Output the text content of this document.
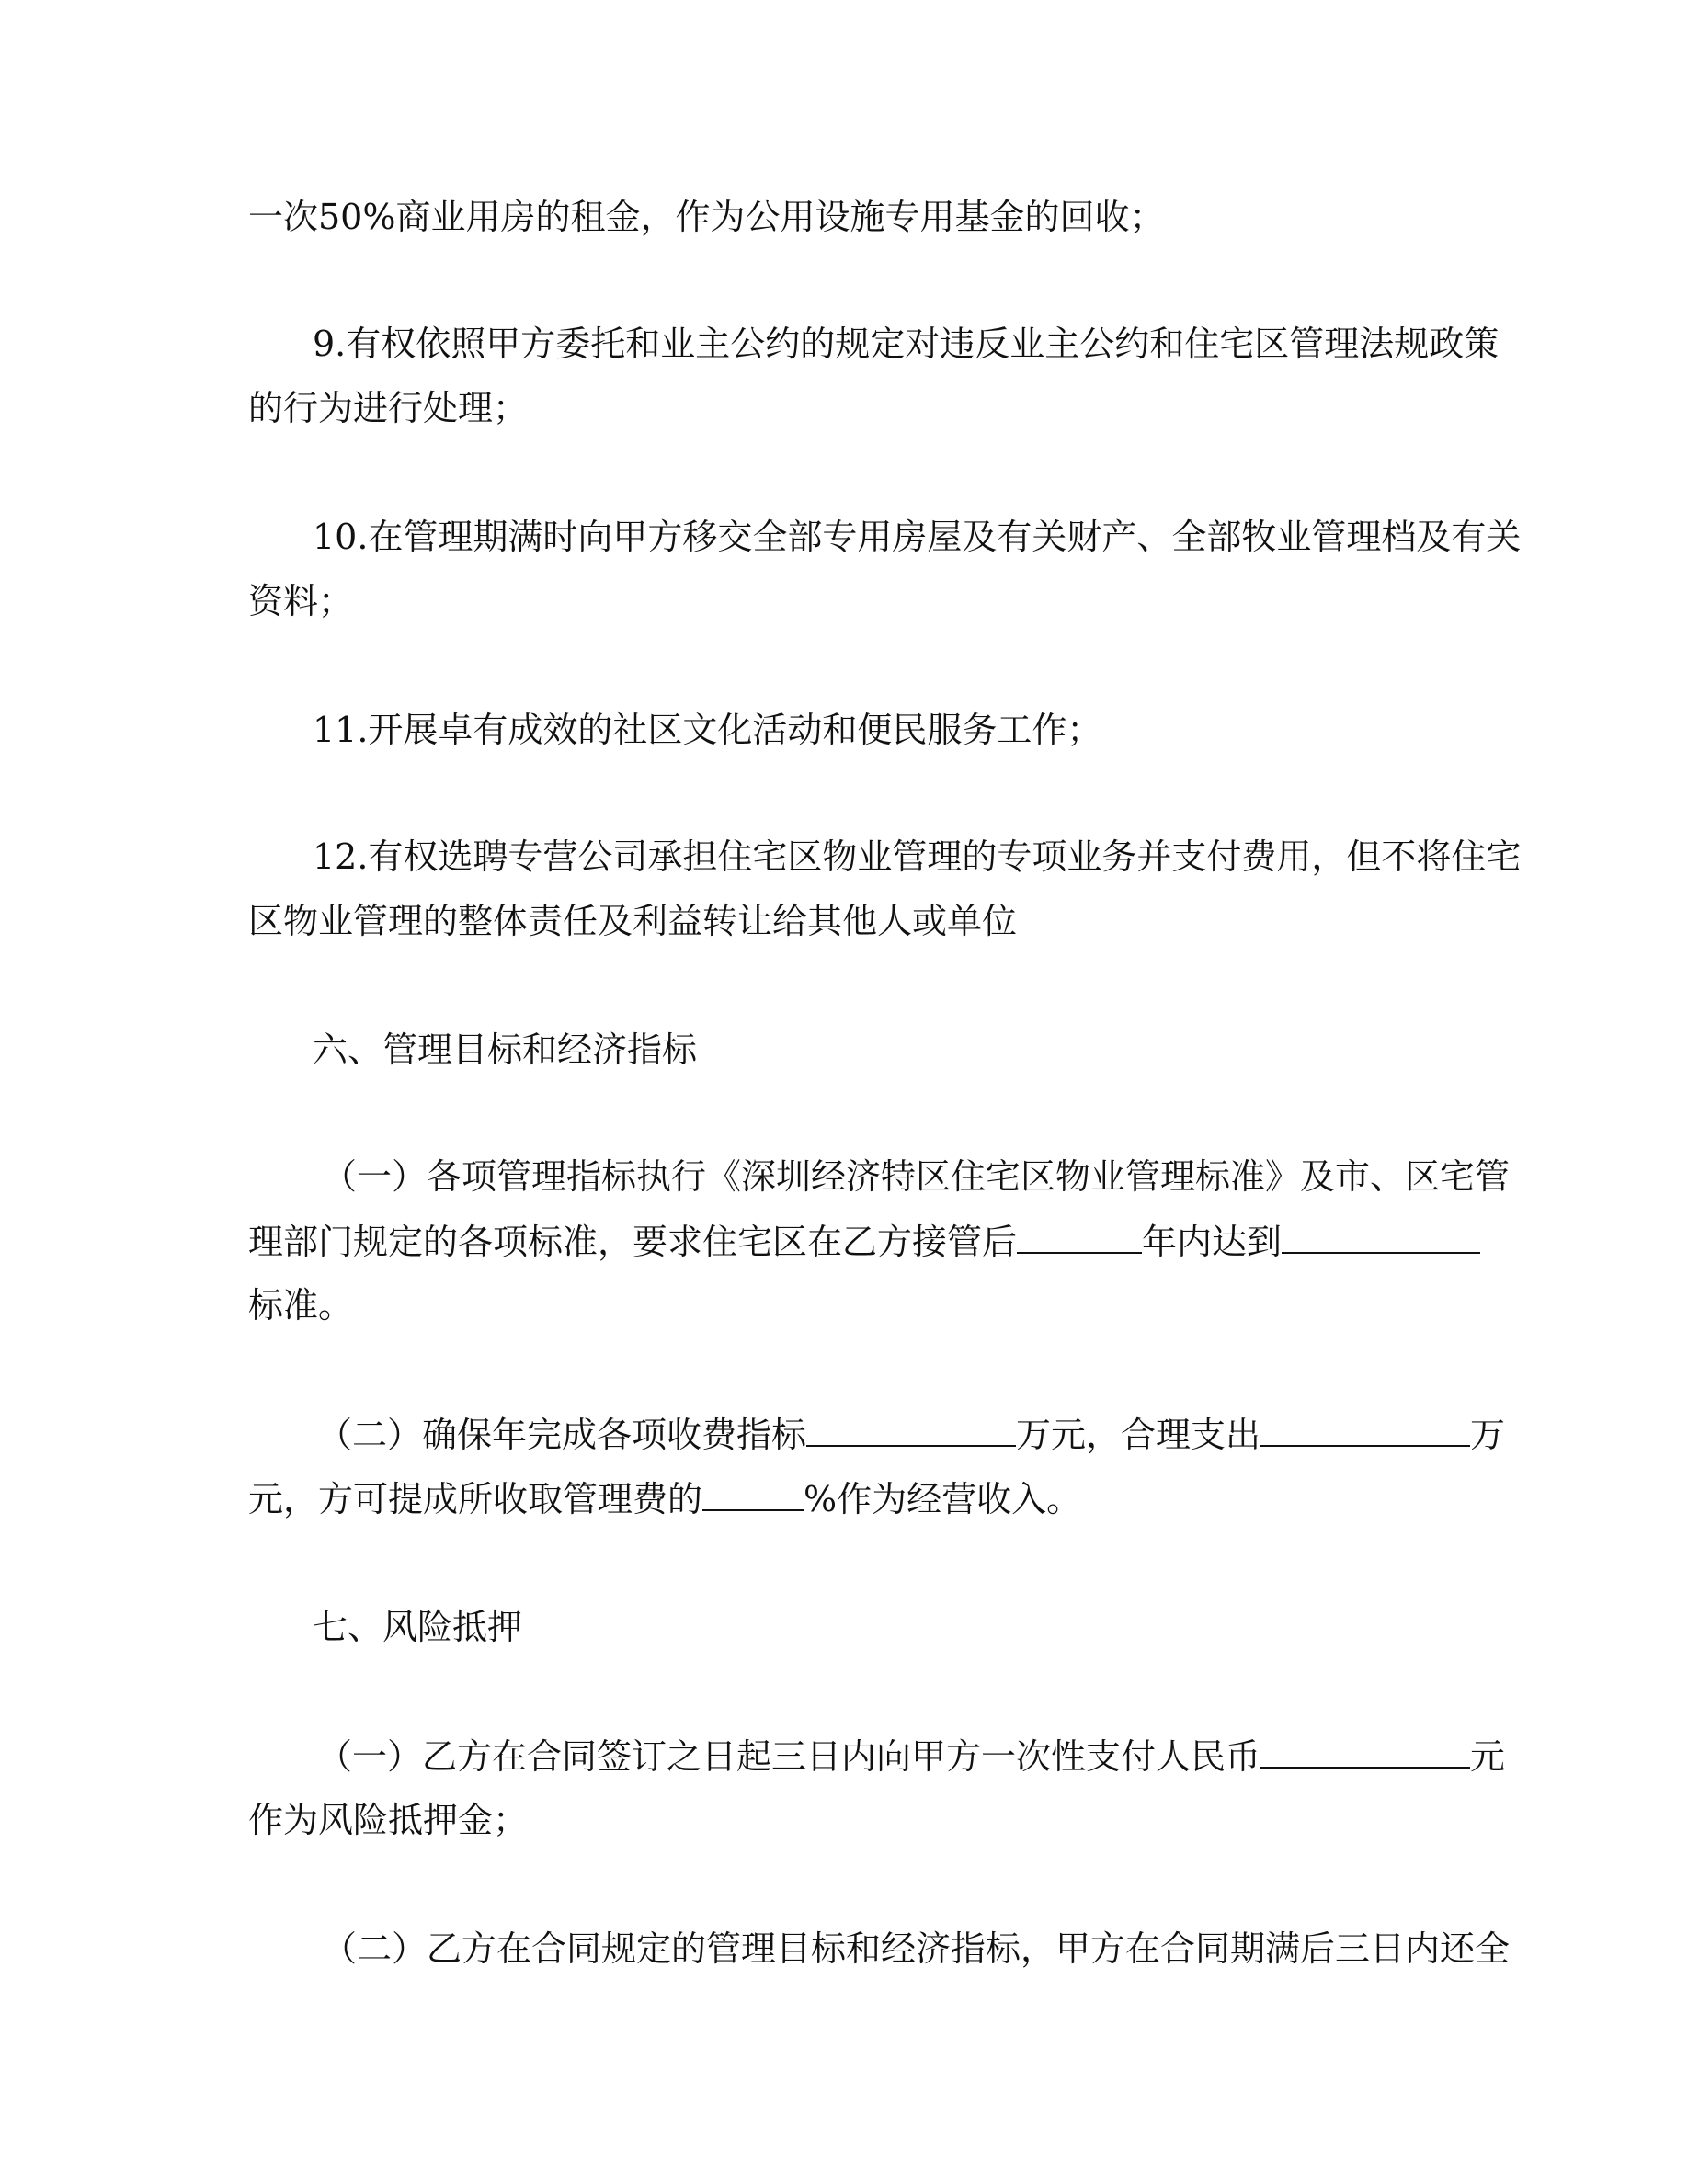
一次50%商业用房的租金，作为公用设施专用基金的回收；
9.有权依照甲方委托和业主公约的规定对违反业主公约和住宅区管理法规政策
的行为进行处理；
10.在管理期满时向甲方移交全部专用房屋及有关财产、全部牧业管理档及有关
资料；
11.开展卓有成效的社区文化活动和便民服务工作；
12.有权选聘专营公司承担住宅区物业管理的专项业务并支付费用，但不将住宅
区物业管理的整体责任及利益转让给其他人或单位
六、管理目标和经济指标
（一）各项管理指标执行《深圳经济特区住宅区物业管理标准》及市、区宅管
理部门规定的各项标准，要求住宅区在乙方接管后	年内达到
标准。
（二）确保年完成各项收费指标	万元，合理支出	万
元，方可提成所收取管理费的	%作为经营收入。
七、风险抵押
（一）乙方在合同签订之日起三日内向甲方一次性支付人民币	元
作为风险抵押金；
（二）乙方在合同规定的管理目标和经济指标，甲方在合同期满后三日内还全
